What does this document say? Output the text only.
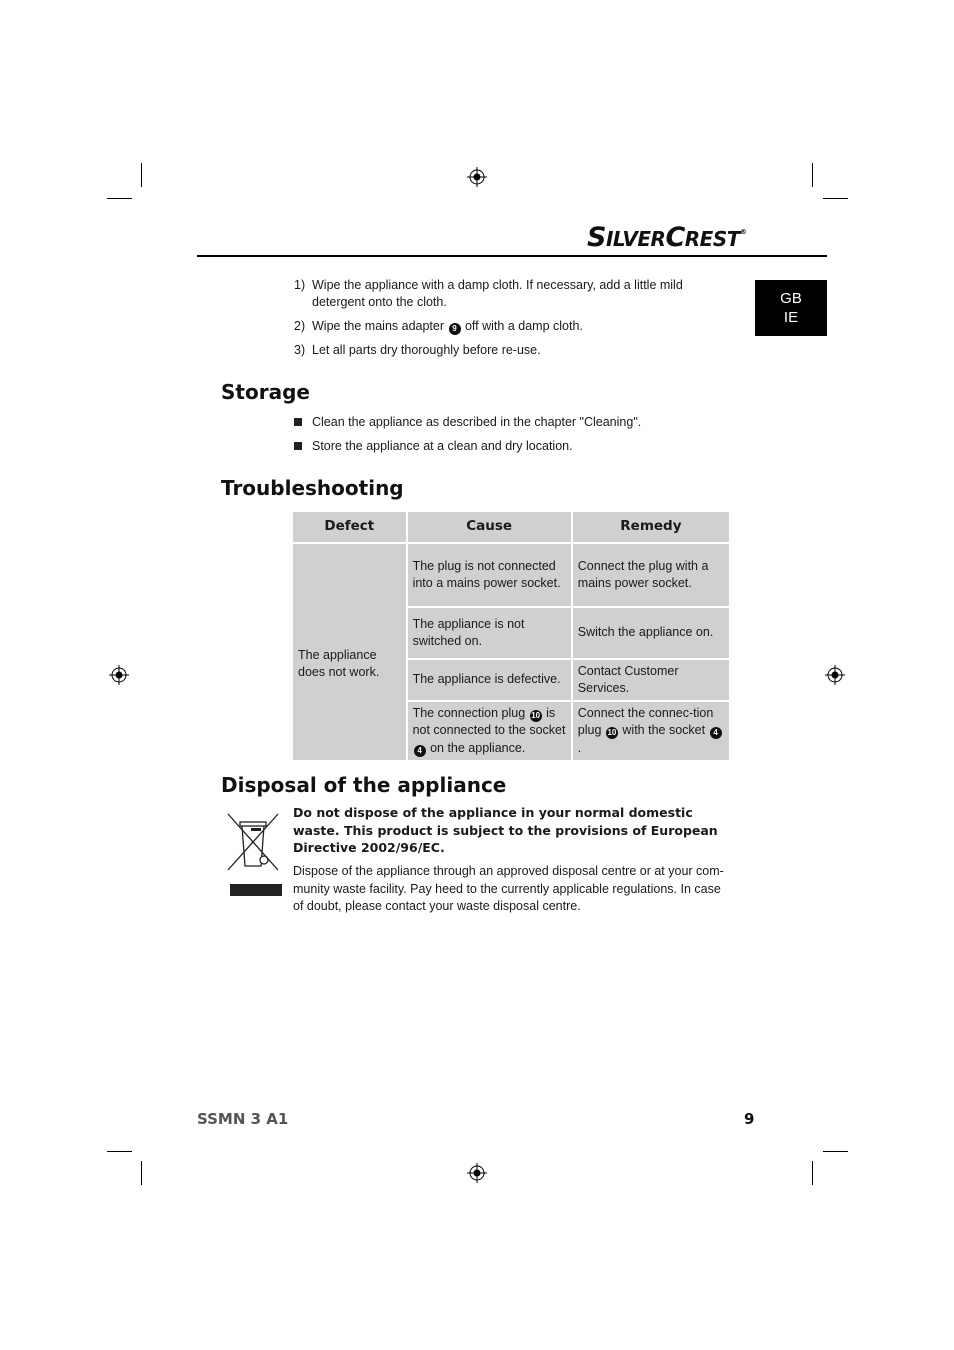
SILVERCREST®
GB
IE
1) Wipe the appliance with a damp cloth. If necessary, add a little mild detergent onto the cloth.
2) Wipe the mains adapter 9 off with a damp cloth.
3) Let all parts dry thoroughly before re-use.
Storage
Clean the appliance as described in the chapter "Cleaning".
Store the appliance at a clean and dry location.
Troubleshooting
Defect	Cause	Remedy
The appliance does not work.	The plug is not connected into a mains power socket.	Connect the plug with a mains power socket.
	The appliance is not switched on.	Switch the appliance on.
	The appliance is defective.	Contact Customer Services.
	The connection plug 10 is not connected to the socket 4 on the appliance.	Connect the connec-tion plug 10 with the socket 4.
Disposal of the appliance
Do not dispose of the appliance in your normal domestic waste. This product is subject to the provisions of European Directive 2002/96/EC.
Dispose of the appliance through an approved disposal centre or at your com-munity waste facility. Pay heed to the currently applicable regulations. In case of doubt, please contact your waste disposal centre.
SSMN 3 A1	9
